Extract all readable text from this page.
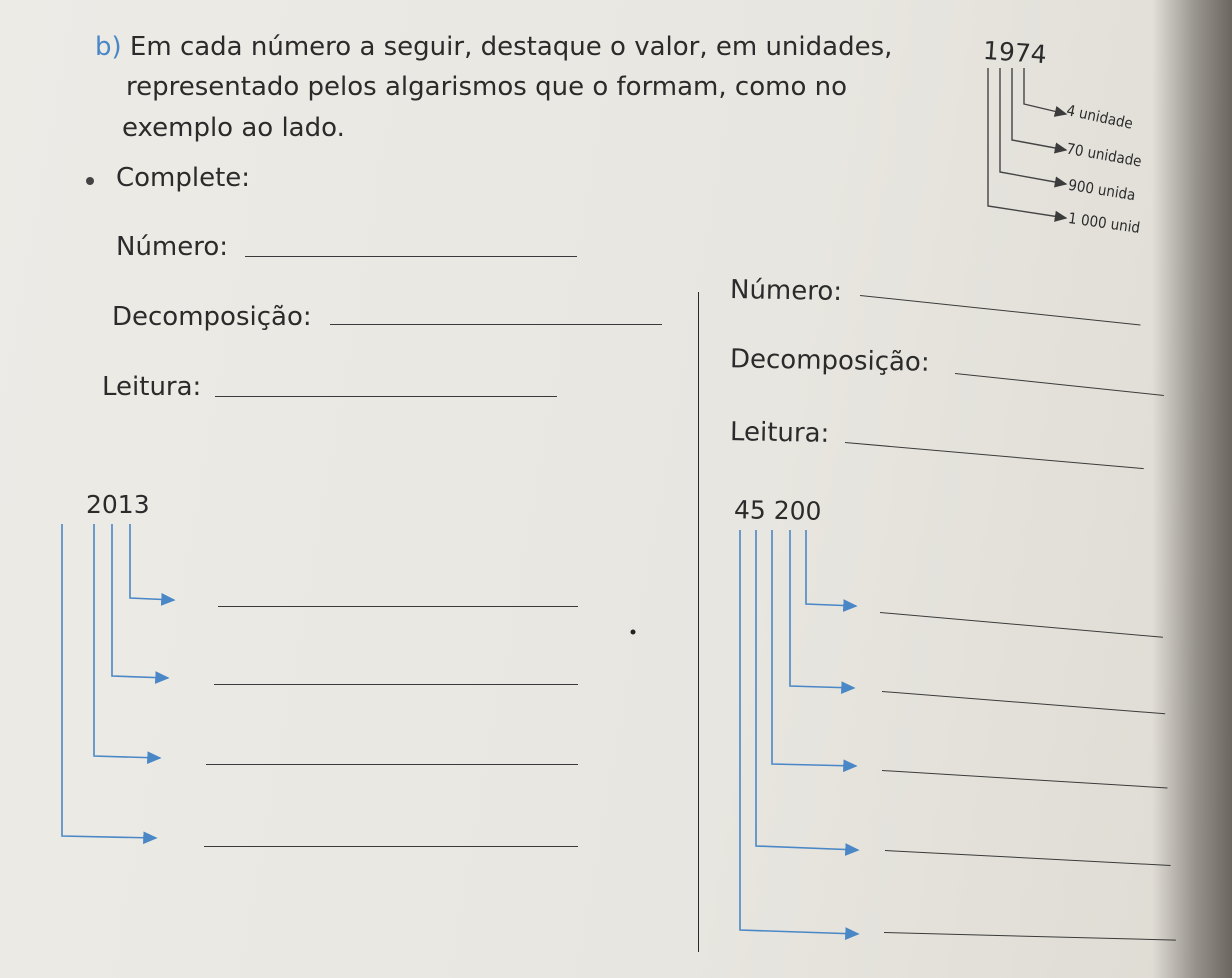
b) Em cada número a seguir, destaque o valor, em unidades,
representado pelos algarismos que o formam, como no
exemplo ao lado.
Complete:
1974
4 unidade
70 unidade
900 unida
1 000 unid
Número:
Decomposição:
Leitura:
Número:
Decomposição:
Leitura:
2013	45 200
